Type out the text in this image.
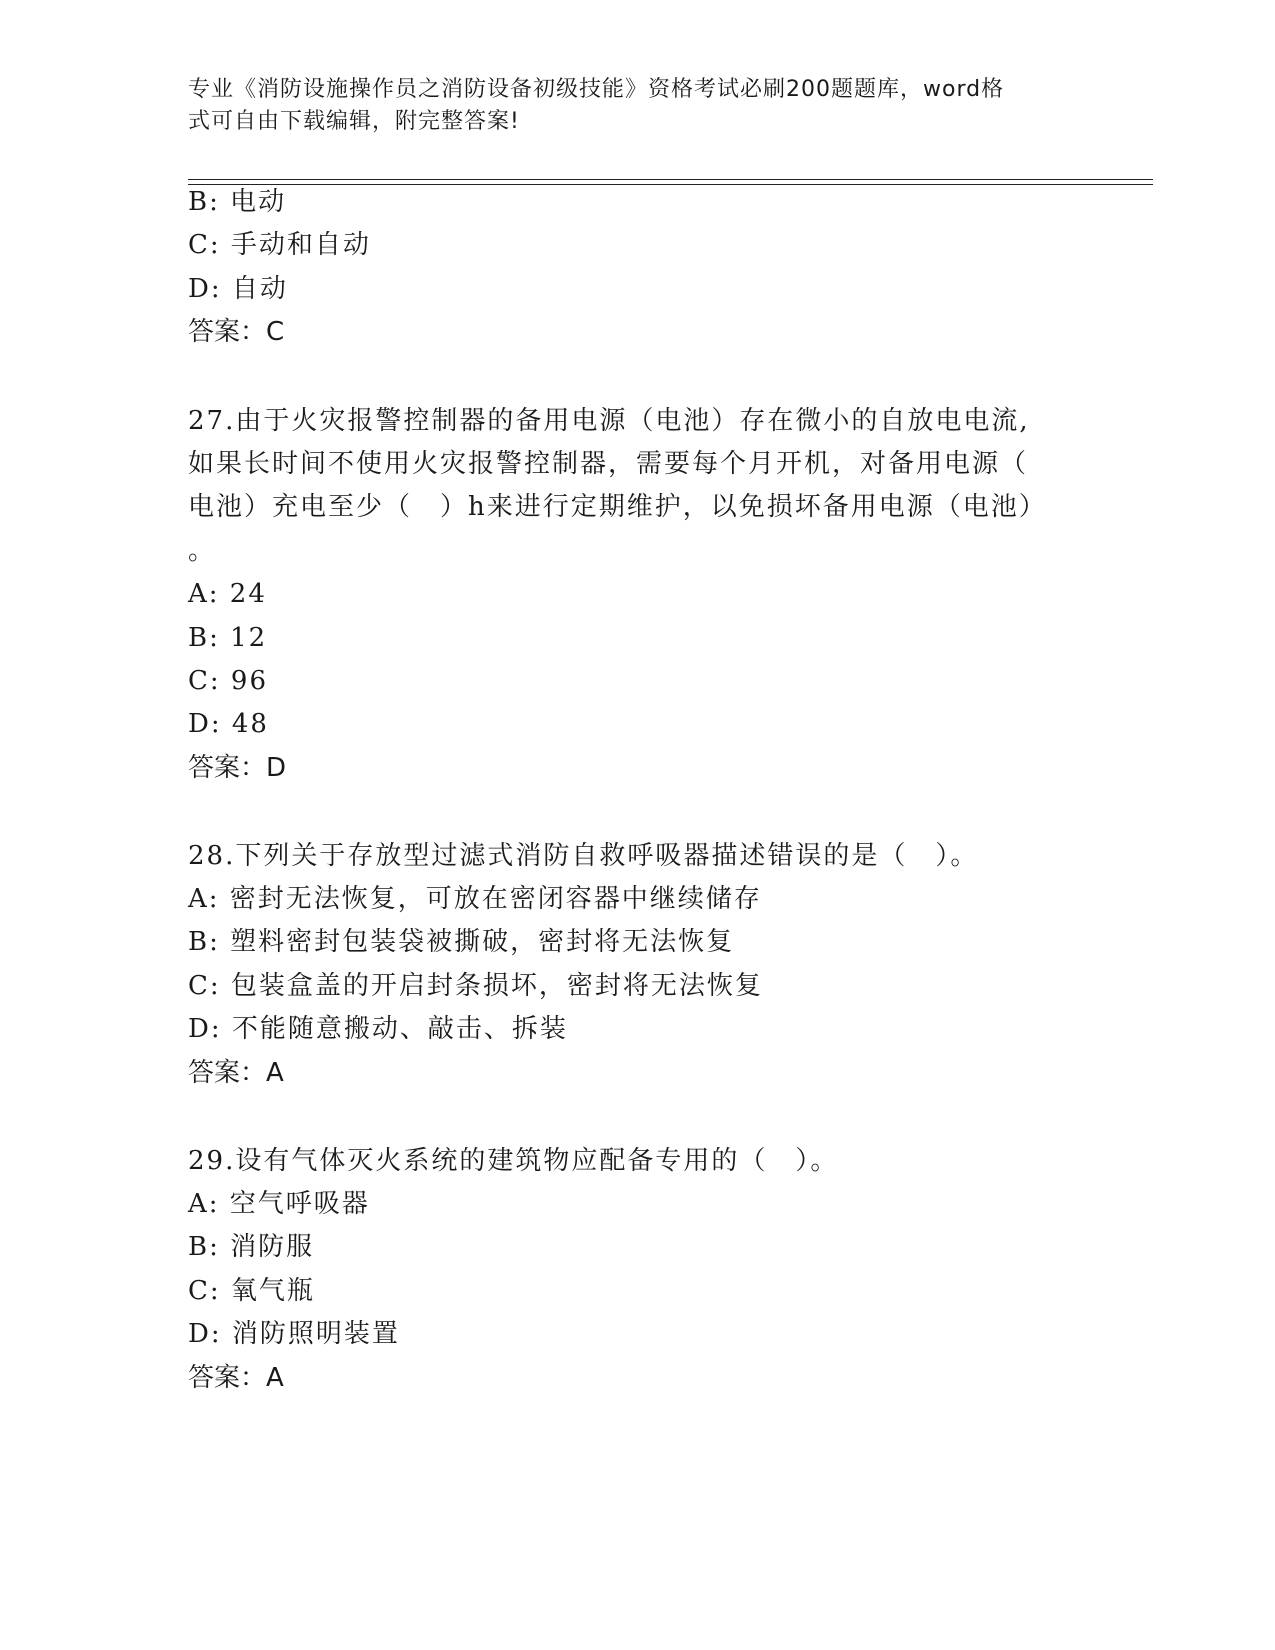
专业《消防设施操作员之消防设备初级技能》资格考试必刷200题题库，word格
式可自由下载编辑，附完整答案!
B: 电动
C: 手动和自动
D: 自动
答案：C
27.由于火灾报警控制器的备用电源（电池）存在微小的自放电电流,
如果长时间不使用火灾报警控制器，需要每个月开机，对备用电源（
电池）充电至少（　）h来进行定期维护，以免损坏备用电源（电池）
。
A: 24
B: 12
C: 96
D: 48
答案：D
28.下列关于存放型过滤式消防自救呼吸器描述错误的是（　）。
A: 密封无法恢复，可放在密闭容器中继续储存
B: 塑料密封包装袋被撕破，密封将无法恢复
C: 包装盒盖的开启封条损坏，密封将无法恢复
D: 不能随意搬动、敲击、拆装
答案：A
29.设有气体灭火系统的建筑物应配备专用的（　）。
A: 空气呼吸器
B: 消防服
C: 氧气瓶
D: 消防照明装置
答案：A
